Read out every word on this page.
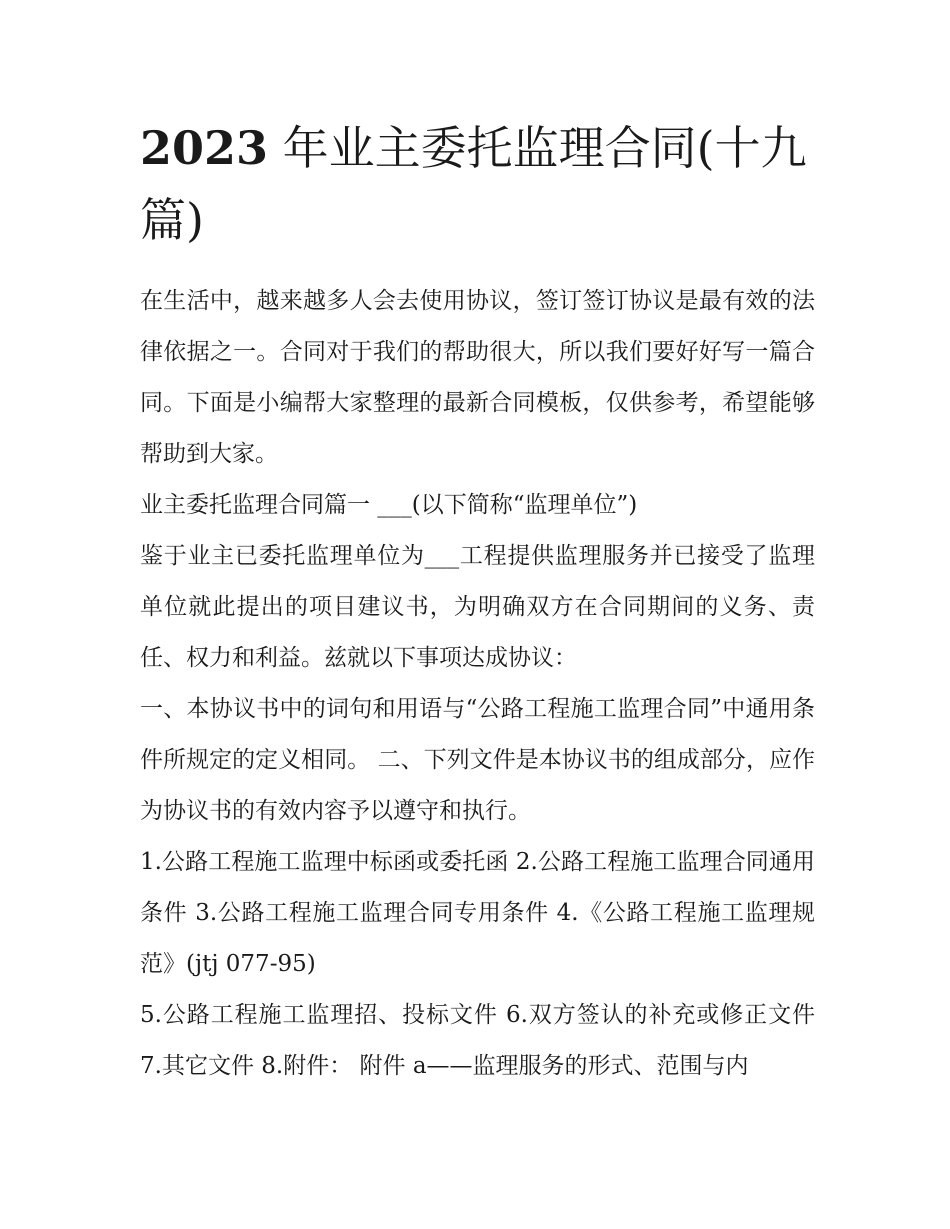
2023 年业主委托监理合同(十九篇)

在生活中，越来越多人会去使用协议，签订签订协议是最有效的法律依据之一。合同对于我们的帮助很大，所以我们要好好写一篇合同。下面是小编帮大家整理的最新合同模板，仅供参考，希望能够帮助到大家。

业主委托监理合同篇一 ___(以下简称“监理单位”)

鉴于业主已委托监理单位为___工程提供监理服务并已接受了监理单位就此提出的项目建议书，为明确双方在合同期间的义务、责任、权力和利益。兹就以下事项达成协议：

一、本协议书中的词句和用语与“公路工程施工监理合同”中通用条件所规定的定义相同。 二、下列文件是本协议书的组成部分，应作为协议书的有效内容予以遵守和执行。

1.公路工程施工监理中标函或委托函 2.公路工程施工监理合同通用条件 3.公路工程施工监理合同专用条件 4.《公路工程施工监理规范》(jtj 077-95)

5.公路工程施工监理招、投标文件 6.双方签认的补充或修正文件 7.其它文件 8.附件： 附件 a——监理服务的形式、范围与内
